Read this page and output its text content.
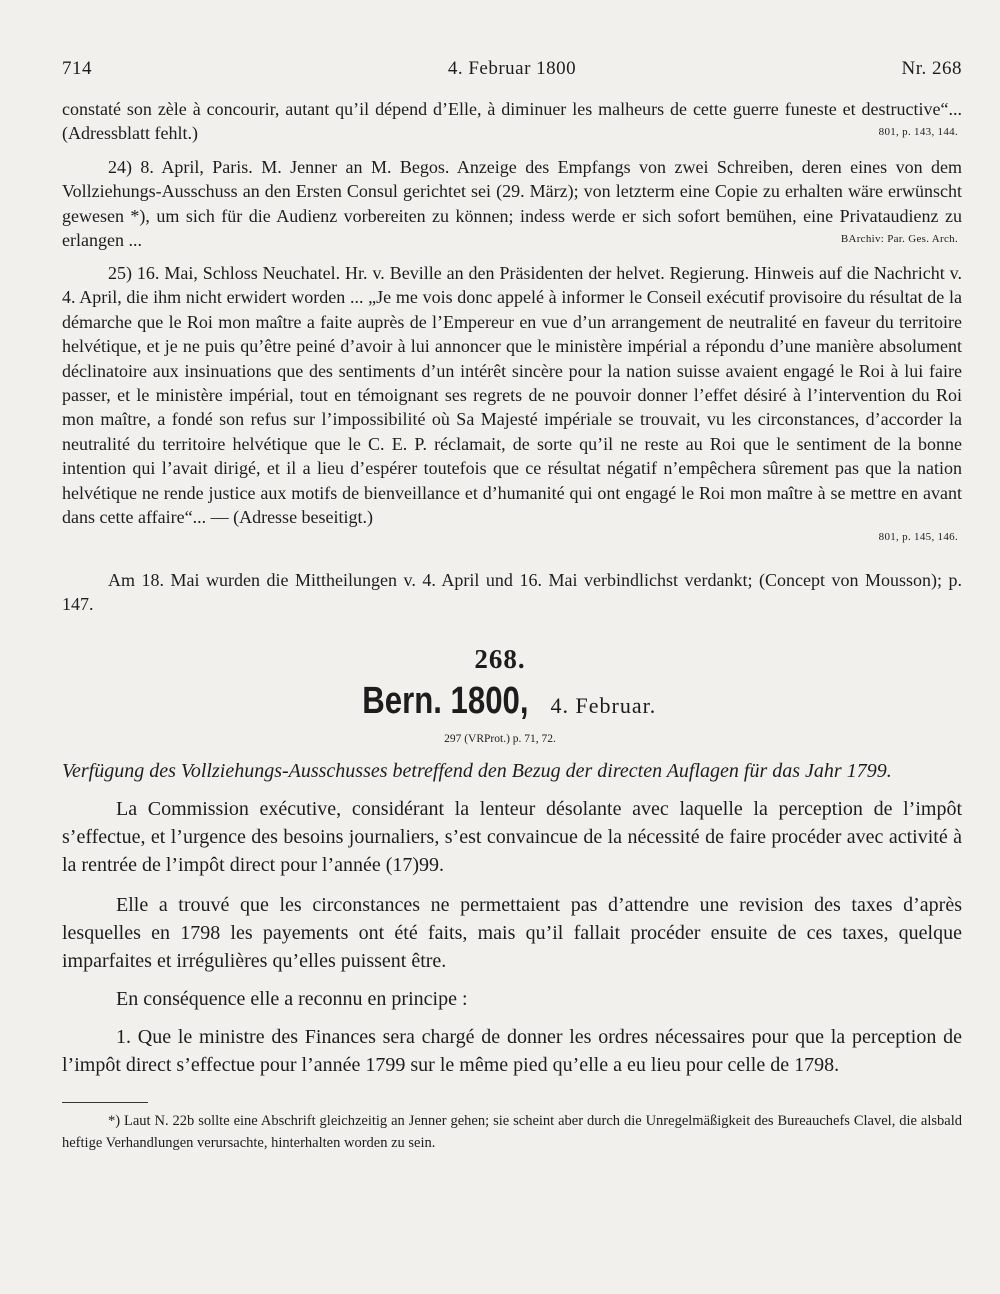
714	4. Februar 1800	Nr. 268

constaté son zèle à concourir, autant qu’il dépend d’Elle, à diminuer les malheurs de cette guerre funeste et destructive“... (Adressblatt fehlt.)	801, p. 143, 144.

24) 8. April, Paris. M. Jenner an M. Begos. Anzeige des Empfangs von zwei Schreiben, deren eines von dem Vollziehungs-Ausschuss an den Ersten Consul gerichtet sei (29. März); von letzterm eine Copie zu erhalten wäre erwünscht gewesen *), um sich für die Audienz vorbereiten zu können; indess werde er sich sofort bemühen, eine Privataudienz zu erlangen ...	BArchiv: Par. Ges. Arch.

25) 16. Mai, Schloss Neuchatel. Hr. v. Beville an den Präsidenten der helvet. Regierung. Hinweis auf die Nachricht v. 4. April, die ihm nicht erwidert worden ... „Je me vois donc appelé à informer le Conseil exécutif provisoire du résultat de la démarche que le Roi mon maître a faite auprès de l’Empereur en vue d’un arrangement de neutralité en faveur du territoire helvétique, et je ne puis qu’être peiné d’avoir à lui annoncer que le ministère impérial a répondu d’une manière absolument déclinatoire aux insinuations que des sentiments d’un intérêt sincère pour la nation suisse avaient engagé le Roi à lui faire passer, et le ministère impérial, tout en témoignant ses regrets de ne pouvoir donner l’effet désiré à l’intervention du Roi mon maître, a fondé son refus sur l’impossibilité où Sa Majesté impériale se trouvait, vu les circonstances, d’accorder la neutralité du territoire helvétique que le C. E. P. réclamait, de sorte qu’il ne reste au Roi que le sentiment de la bonne intention qui l’avait dirigé, et il a lieu d’espérer toutefois que ce résultat négatif n’empêchera sûrement pas que la nation helvétique ne rende justice aux motifs de bienveillance et d’humanité qui ont engagé le Roi mon maître à se mettre en avant dans cette affaire“... — (Adresse beseitigt.)

801, p. 145, 146.

Am 18. Mai wurden die Mittheilungen v. 4. April und 16. Mai verbindlichst verdankt; (Concept von Mousson); p. 147.

268.
Bern. 1800, 4. Februar.
297 (VRProt.) p. 71, 72.

Verfügung des Vollziehungs-Ausschusses betreffend den Bezug der directen Auflagen für das Jahr 1799.

La Commission exécutive, considérant la lenteur désolante avec laquelle la perception de l’impôt s’effectue, et l’urgence des besoins journaliers, s’est convaincue de la nécessité de faire procéder avec activité à la rentrée de l’impôt direct pour l’année (17)99.

Elle a trouvé que les circonstances ne permettaient pas d’attendre une revision des taxes d’après lesquelles en 1798 les payements ont été faits, mais qu’il fallait procéder ensuite de ces taxes, quelque imparfaites et irrégulières qu’elles puissent être.

En conséquence elle a reconnu en principe :

1. Que le ministre des Finances sera chargé de donner les ordres nécessaires pour que la perception de l’impôt direct s’effectue pour l’année 1799 sur le même pied qu’elle a eu lieu pour celle de 1798.

*) Laut N. 22b sollte eine Abschrift gleichzeitig an Jenner gehen; sie scheint aber durch die Unregelmäßigkeit des Bureauchefs Clavel, die alsbald heftige Verhandlungen verursachte, hinterhalten worden zu sein.
